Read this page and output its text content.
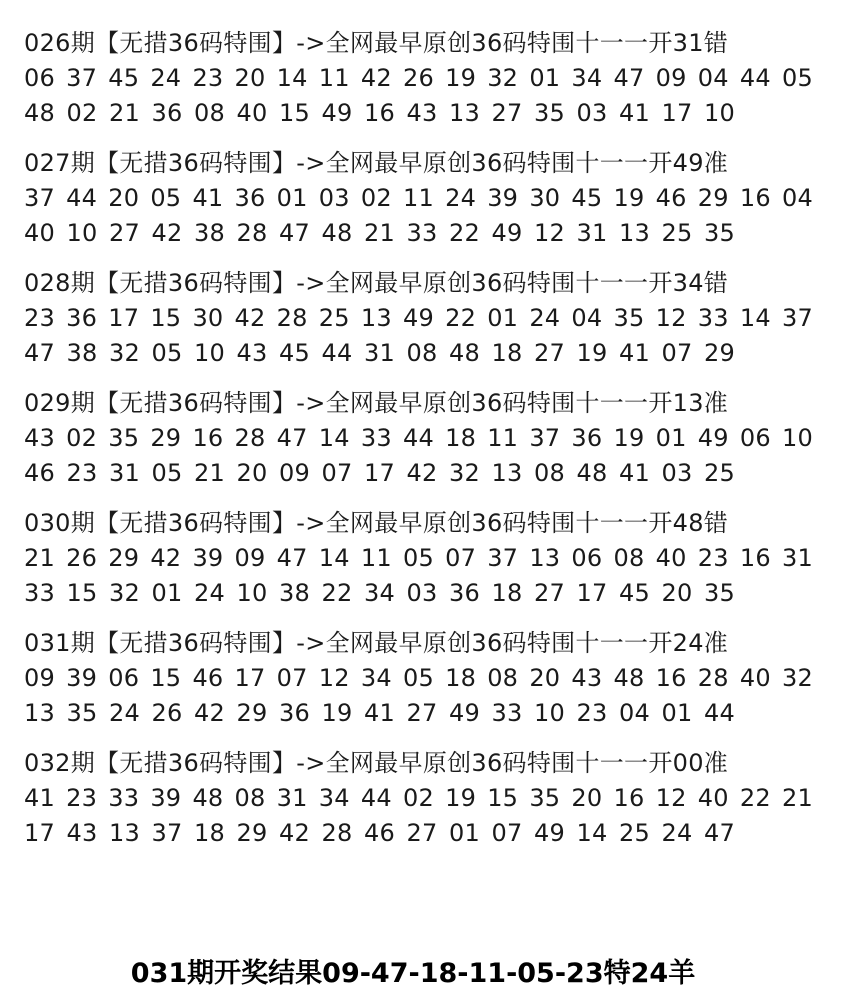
026期【无措36码特围】->全网最早原创36码特围十一一开31错
06 37 45 24 23 20 14 11 42 26 19 32 01 34 47 09 04 44 05
48 02 21 36 08 40 15 49 16 43 13 27 35 03 41 17 10
027期【无措36码特围】->全网最早原创36码特围十一一开49准
37 44 20 05 41 36 01 03 02 11 24 39 30 45 19 46 29 16 04
40 10 27 42 38 28 47 48 21 33 22 49 12 31 13 25 35
028期【无措36码特围】->全网最早原创36码特围十一一开34错
23 36 17 15 30 42 28 25 13 49 22 01 24 04 35 12 33 14 37
47 38 32 05 10 43 45 44 31 08 48 18 27 19 41 07 29
029期【无措36码特围】->全网最早原创36码特围十一一开13准
43 02 35 29 16 28 47 14 33 44 18 11 37 36 19 01 49 06 10
46 23 31 05 21 20 09 07 17 42 32 13 08 48 41 03 25
030期【无措36码特围】->全网最早原创36码特围十一一开48错
21 26 29 42 39 09 47 14 11 05 07 37 13 06 08 40 23 16 31
33 15 32 01 24 10 38 22 34 03 36 18 27 17 45 20 35
031期【无措36码特围】->全网最早原创36码特围十一一开24准
09 39 06 15 46 17 07 12 34 05 18 08 20 43 48 16 28 40 32
13 35 24 26 42 29 36 19 41 27 49 33 10 23 04 01 44
032期【无措36码特围】->全网最早原创36码特围十一一开00准
41 23 33 39 48 08 31 34 44 02 19 15 35 20 16 12 40 22 21
17 43 13 37 18 29 42 28 46 27 01 07 49 14 25 24 47
031期开奖结果09-47-18-11-05-23特24羊
